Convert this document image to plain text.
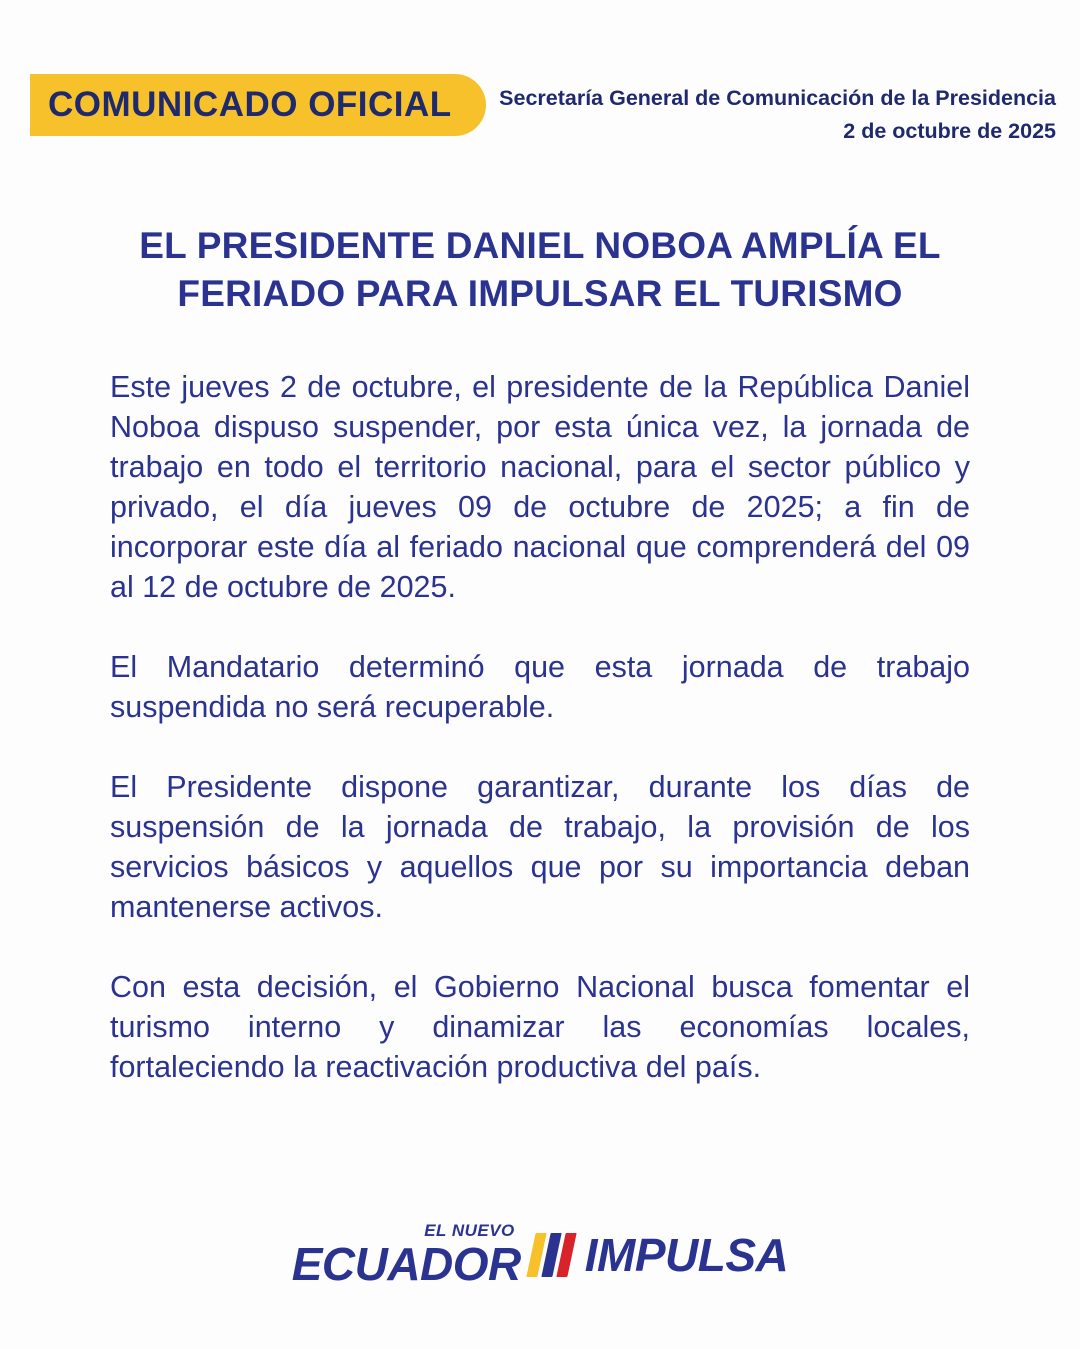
COMUNICADO OFICIAL Secretaría General de Comunicación de la Presidencia
2 de octubre de 2025
EL PRESIDENTE DANIEL NOBOA AMPLÍA EL FERIADO PARA IMPULSAR EL TURISMO

Este jueves 2 de octubre, el presidente de la República Daniel Noboa dispuso suspender, por esta única vez, la jornada de trabajo en todo el territorio nacional, para el sector público y privado, el día jueves 09 de octubre de 2025; a fin de incorporar este día al feriado nacional que comprenderá del 09 al 12 de octubre de 2025.

El Mandatario determinó que esta jornada de trabajo suspendida no será recuperable.

El Presidente dispone garantizar, durante los días de suspensión de la jornada de trabajo, la provisión de los servicios básicos y aquellos que por su importancia deban mantenerse activos.

Con esta decisión, el Gobierno Nacional busca fomentar el turismo interno y dinamizar las economías locales, fortaleciendo la reactivación productiva del país.

EL NUEVO
ECUADOR IMPULSA
